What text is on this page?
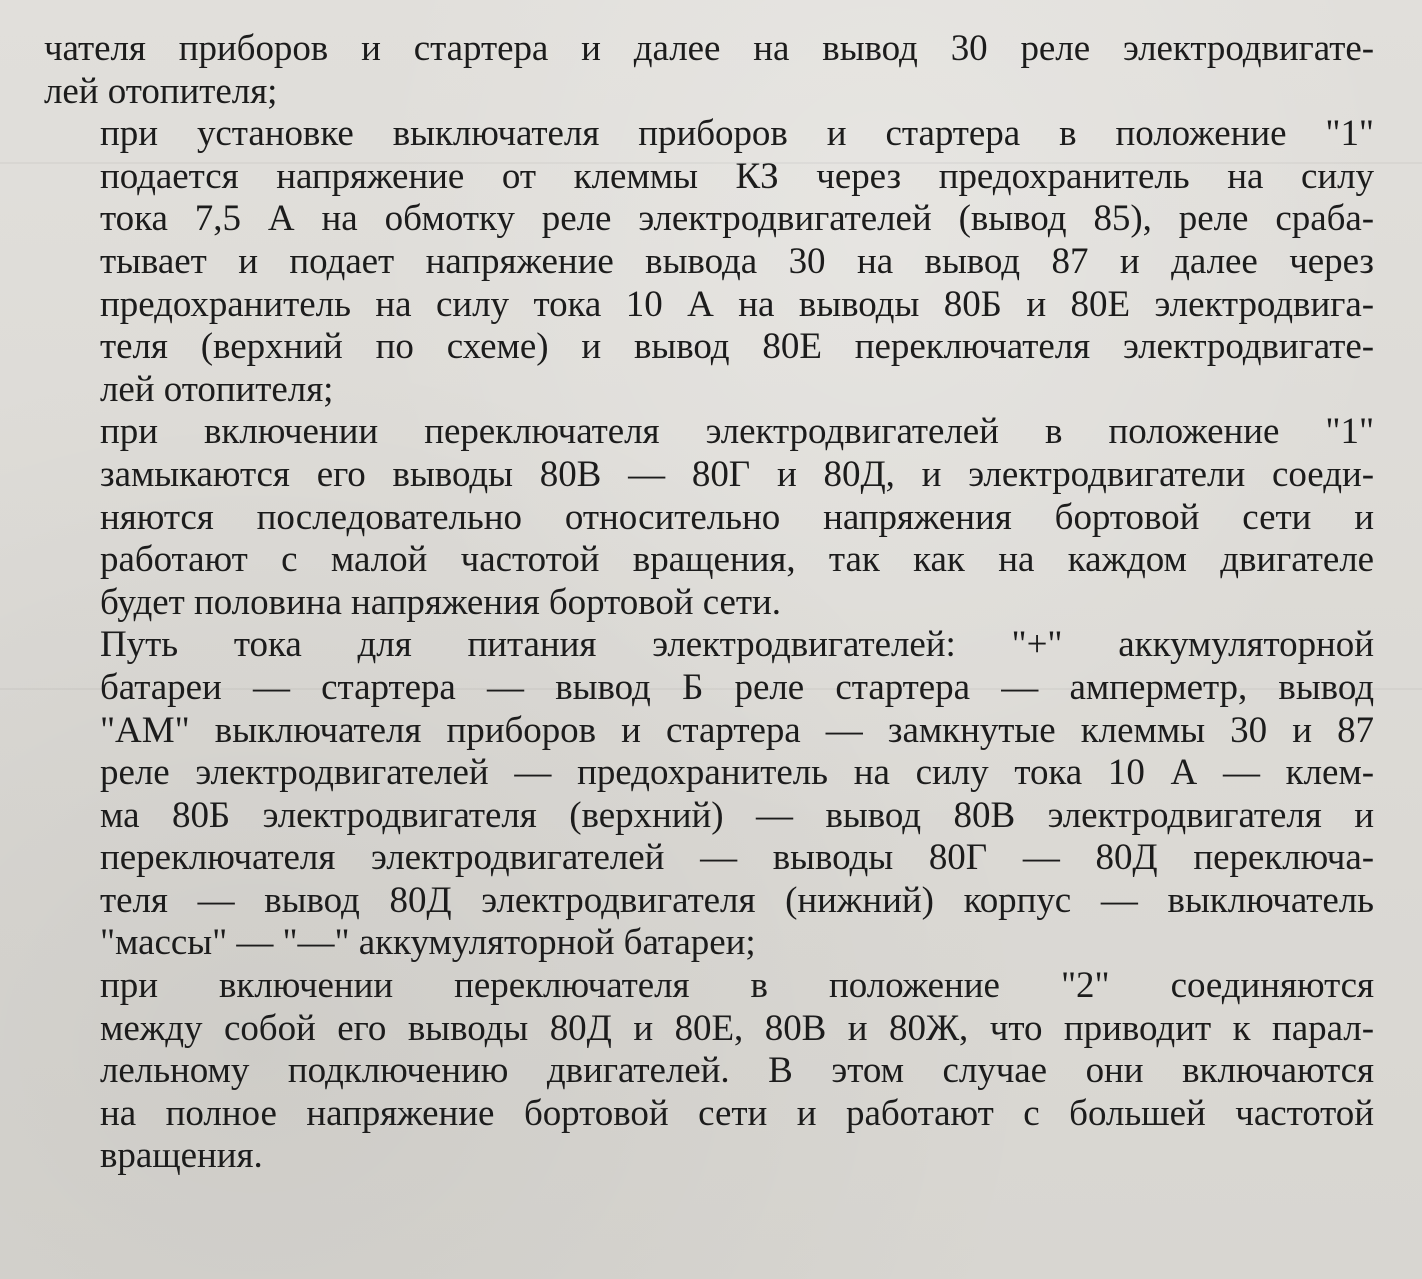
чателя приборов и стартера и далее на вывод 30 реле электродвигате-
лей отопителя;

при установке выключателя приборов и стартера в положение "1"
подается напряжение от клеммы КЗ через предохранитель на силу
тока 7,5 А на обмотку реле электродвигателей (вывод 85), реле сраба-
тывает и подает напряжение вывода 30 на вывод 87 и далее через
предохранитель на силу тока 10 А на выводы 80Б и 80Е электродвига-
теля (верхний по схеме) и вывод 80Е переключателя электродвигате-
лей отопителя;

при включении переключателя электродвигателей в положение "1"
замыкаются его выводы 80В — 80Г и 80Д, и электродвигатели соеди-
няются последовательно относительно напряжения бортовой сети и
работают с малой частотой вращения, так как на каждом двигателе
будет половина напряжения бортовой сети.

Путь тока для питания электродвигателей: "+" аккумуляторной
батареи — стартера — вывод Б реле стартера — амперметр, вывод
"АМ" выключателя приборов и стартера — замкнутые клеммы 30 и 87
реле электродвигателей — предохранитель на силу тока 10 А — клем-
ма 80Б электродвигателя (верхний) — вывод 80В электродвигателя и
переключателя электродвигателей — выводы 80Г — 80Д переключа-
теля — вывод 80Д электродвигателя (нижний) корпус — выключатель
"массы" — "—" аккумуляторной батареи;

при включении переключателя в положение "2" соединяются
между собой его выводы 80Д и 80Е, 80В и 80Ж, что приводит к парал-
лельному подключению двигателей. В этом случае они включаются
на полное напряжение бортовой сети и работают с большей частотой
вращения.
